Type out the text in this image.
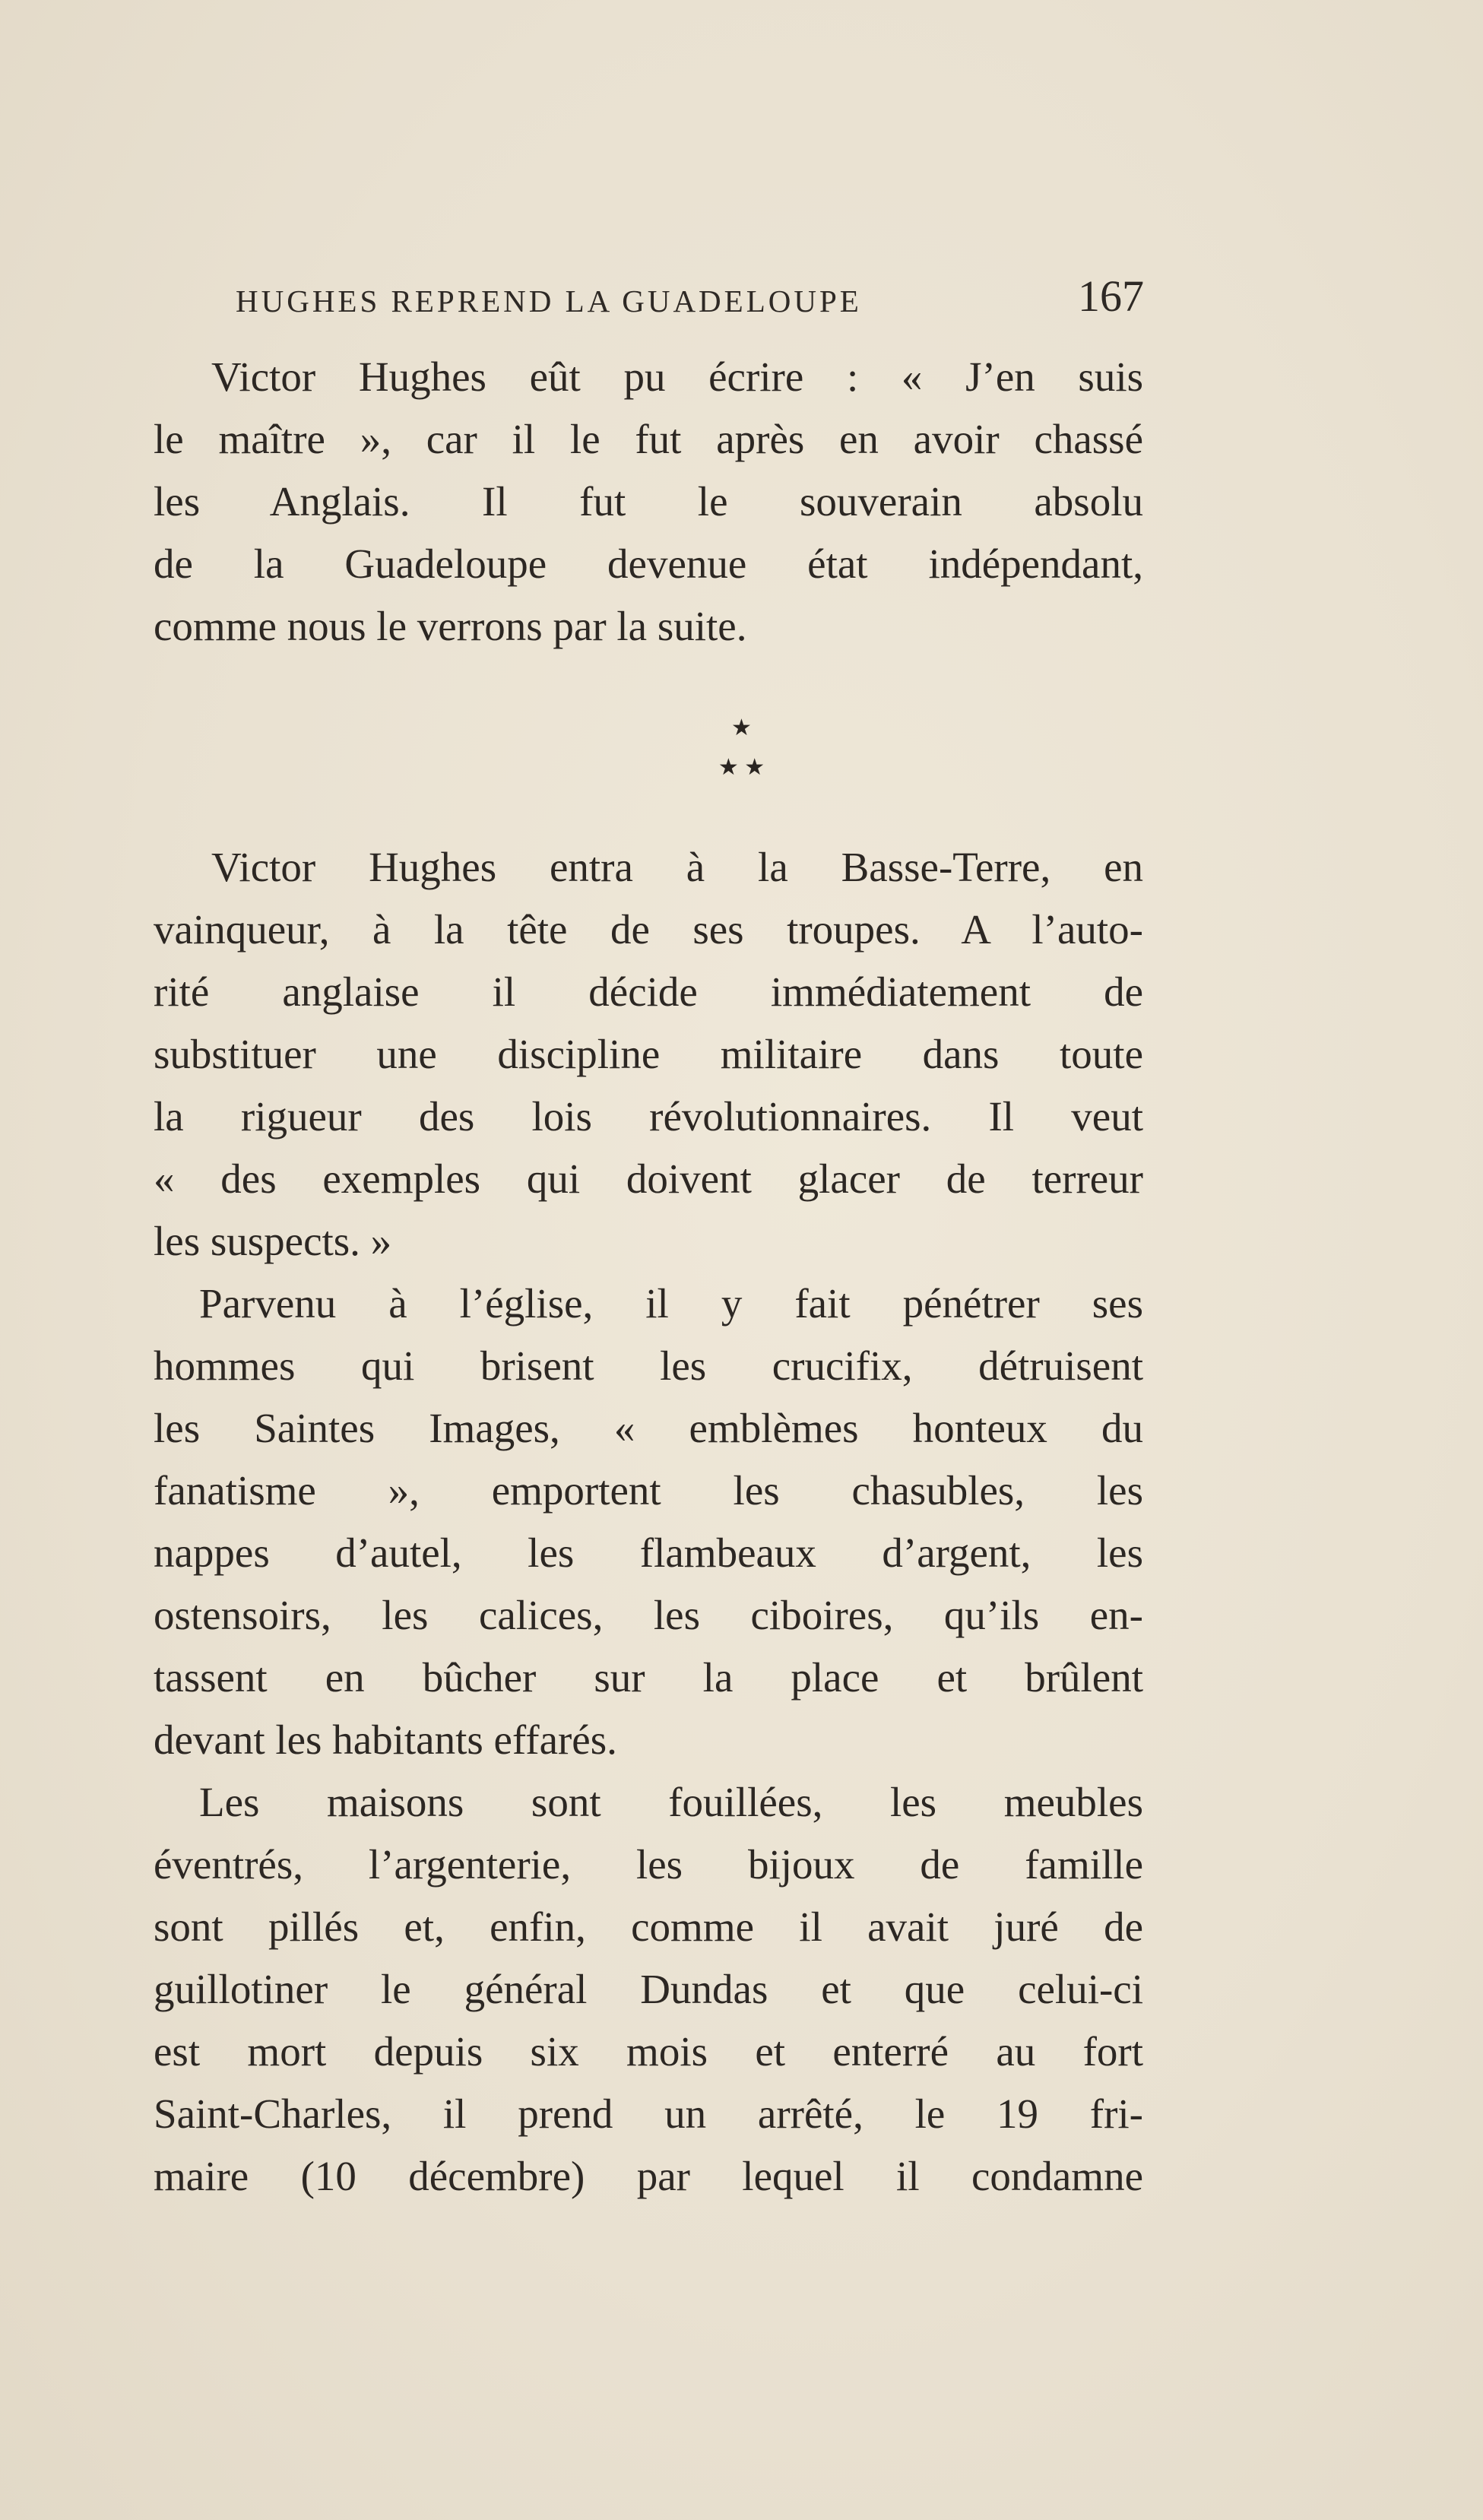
HUGHES REPREND LA GUADELOUPE	167
Victor Hughes eût pu écrire : « J’en suis
le maître », car il le fut après en avoir chassé
les Anglais. Il fut le souverain absolu
de la Guadeloupe devenue état indépendant,
comme nous le verrons par la suite.
★
★ ★
Victor Hughes entra à la Basse-Terre, en
vainqueur, à la tête de ses troupes. A l’auto-
rité anglaise il décide immédiatement de
substituer une discipline militaire dans toute
la rigueur des lois révolutionnaires. Il veut
« des exemples qui doivent glacer de terreur
les suspects. »
Parvenu à l’église, il y fait pénétrer ses
hommes qui brisent les crucifix, détruisent
les Saintes Images, « emblèmes honteux du
fanatisme », emportent les chasubles, les
nappes d’autel, les flambeaux d’argent, les
ostensoirs, les calices, les ciboires, qu’ils en-
tassent en bûcher sur la place et brûlent
devant les habitants effarés.
Les maisons sont fouillées, les meubles
éventrés, l’argenterie, les bijoux de famille
sont pillés et, enfin, comme il avait juré de
guillotiner le général Dundas et que celui-ci
est mort depuis six mois et enterré au fort
Saint-Charles, il prend un arrêté, le 19 fri-
maire (10 décembre) par lequel il condamne
